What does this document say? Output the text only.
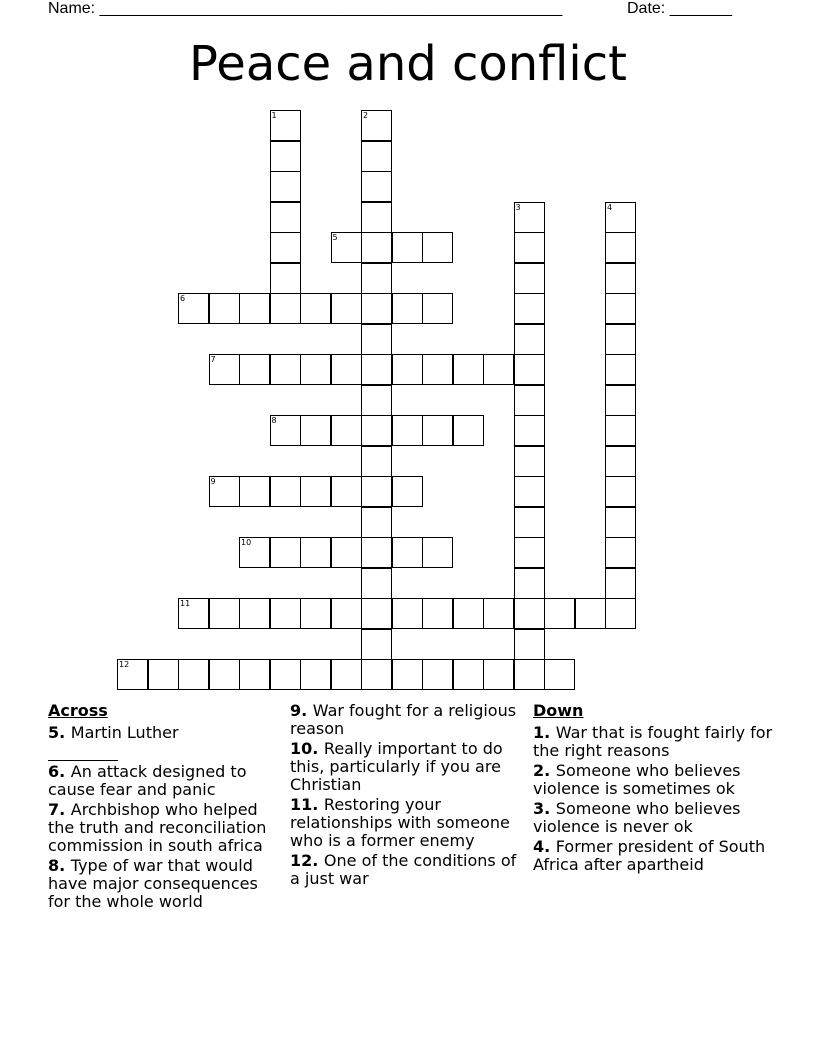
Name: ____________________________________________________	Date: _______
Peace and conflict
1	2
3	4
5
6
7
8
9
10
11
12
Across
5. Martin Luther
6. An attack designed to cause fear and panic
7. Archbishop who helped the truth and reconciliation commission in south africa
8. Type of war that would have major consequences for the whole world
9. War fought for a religious reason
10. Really important to do this, particularly if you are Christian
11. Restoring your relationships with someone who is a former enemy
12. One of the conditions of a just war
Down
1. War that is fought fairly for the right reasons
2. Someone who believes violence is sometimes ok
3. Someone who believes violence is never ok
4. Former president of South Africa after apartheid
